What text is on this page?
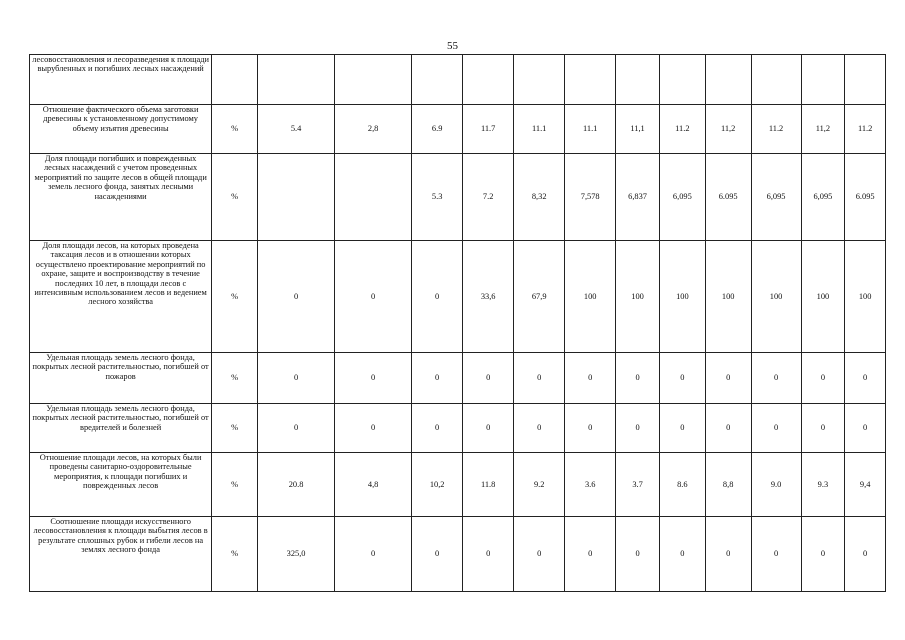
55
лесовосстановления и лесоразведения к площади вырубленных и погибших лесных насаждений													
Отношение фактического объема заготовки древесины к установленному допустимому объему изъятия древесины	%	5.4	2,8	6.9	11.7	11.1	11.1	11,1	11.2	11,2	11.2	11,2	11.2
Доля площади погибших и поврежденных лесных насаждений с учетом проведенных мероприятий по защите лесов в общей площади земель лесного фонда, занятых лесными насаждениями	%			5.3	7.2	8,32	7,578	6,837	6,095	6.095	6,095	6,095	6.095
Доля площади лесов, на которых проведена таксация лесов и в отношении которых осуществлено проектирование мероприятий по охране, защите и воспроизводству в течение последних 10 лет, в площади лесов с интенсивным использованием лесов и ведением лесного хозяйства	%	0	0	0	33,6	67,9	100	100	100	100	100	100	100
Удельная площадь земель лесного фонда, покрытых лесной растительностью, погибшей от пожаров	%	0	0	0	0	0	0	0	0	0	0	0	0
Удельная площадь земель лесного фонда, покрытых лесной растительностью, погибшей от вредителей и болезней	%	0	0	0	0	0	0	0	0	0	0	0	0
Отношение площади лесов, на которых были проведены санитарно-оздоровительные мероприятия, к площади погибших и поврежденных лесов	%	20.8	4,8	10,2	11.8	9.2	3.6	3.7	8.6	8,8	9.0	9.3	9,4
Соотношение площади искусственного лесовосстановления к площади выбытия лесов в результате сплошных рубок и гибели лесов на землях лесного фонда	%	325,0	0	0	0	0	0	0	0	0	0	0	0
